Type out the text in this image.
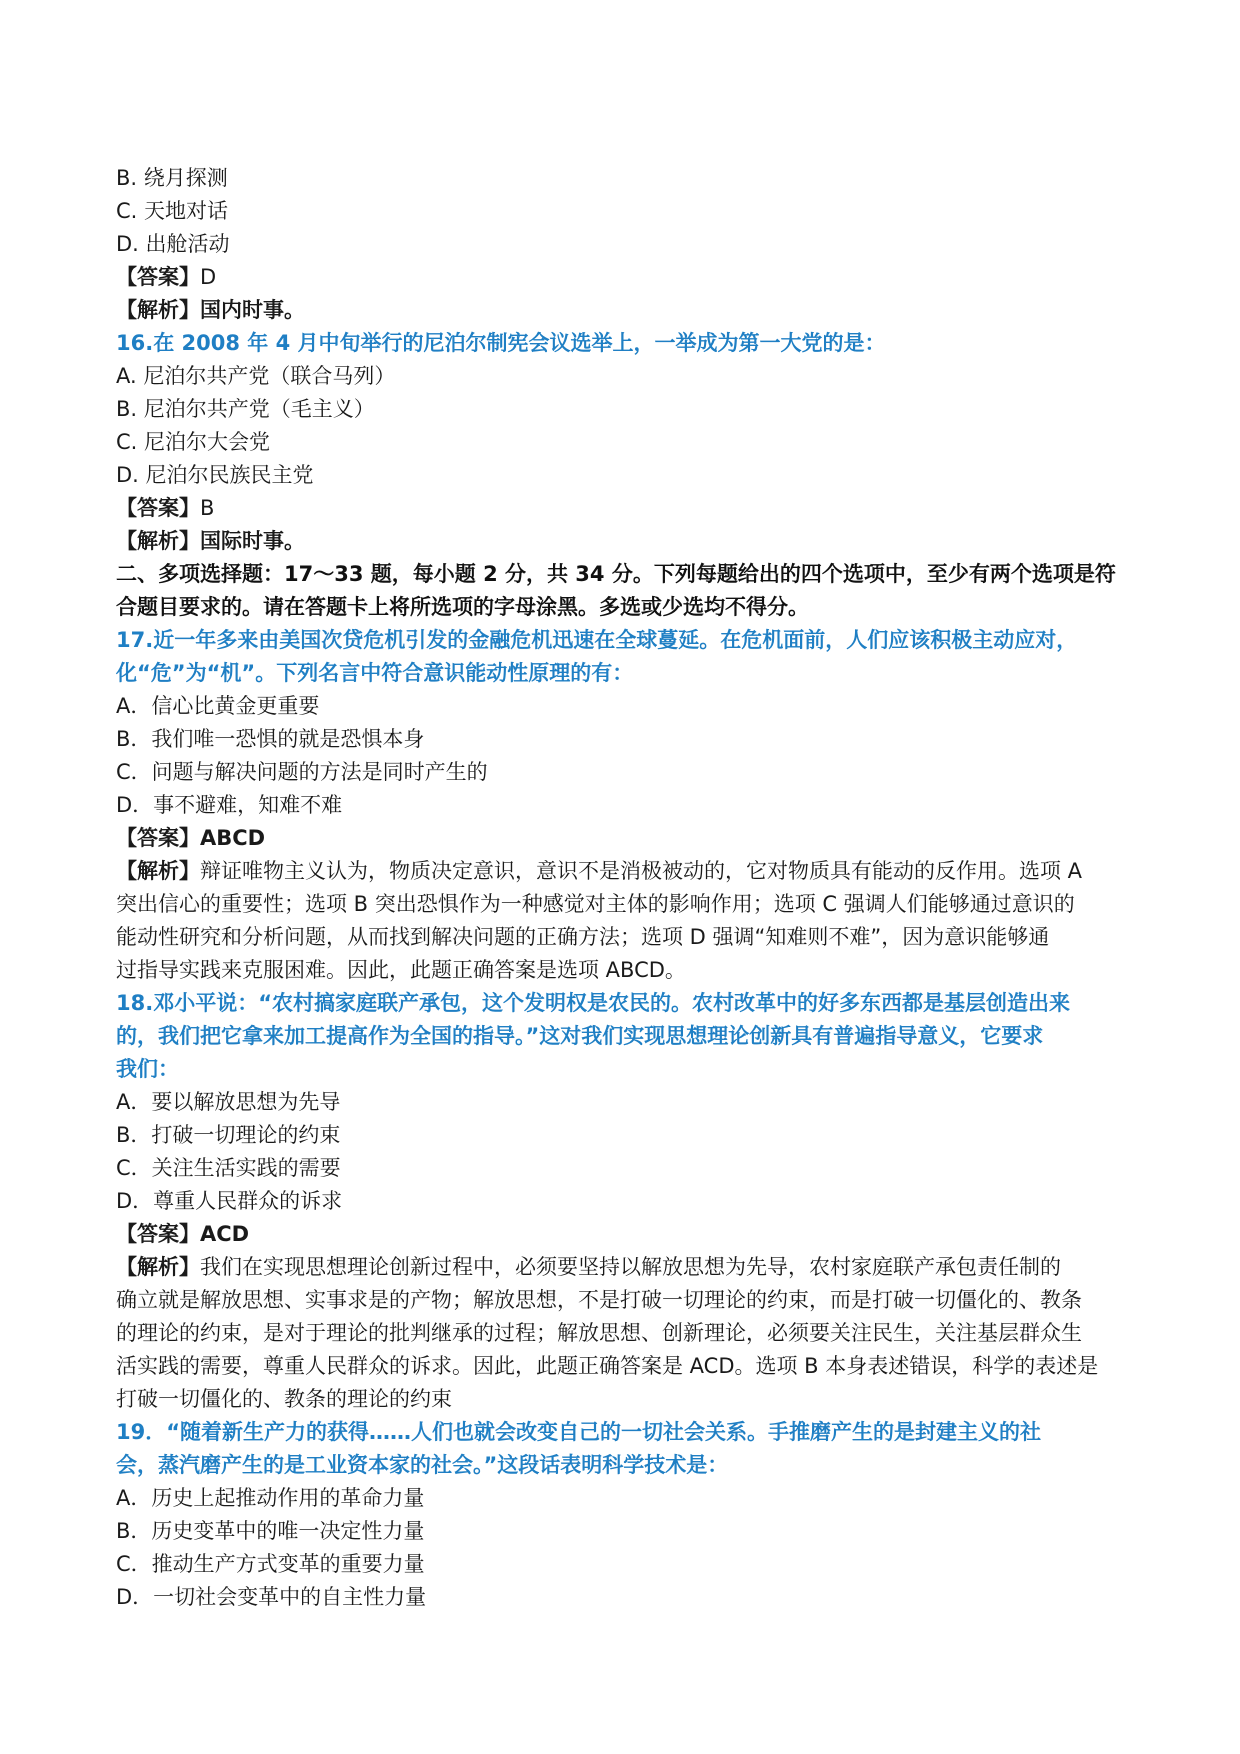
B. 绕月探测
C. 天地对话
D. 出舱活动
【答案】D
【解析】国内时事。
16.在 2008 年 4 月中旬举行的尼泊尔制宪会议选举上，一举成为第一大党的是：
A. 尼泊尔共产党（联合马列）
B. 尼泊尔共产党（毛主义）
C. 尼泊尔大会党
D. 尼泊尔民族民主党
【答案】B
【解析】国际时事。
二、多项选择题：17～33 题，每小题 2 分，共 34 分。下列每题给出的四个选项中，至少有两个选项是符
合题目要求的。请在答题卡上将所选项的字母涂黑。多选或少选均不得分。
17.近一年多来由美国次贷危机引发的金融危机迅速在全球蔓延。在危机面前，人们应该积极主动应对，
化“危”为“机”。下列名言中符合意识能动性原理的有：
A．信心比黄金更重要
B．我们唯一恐惧的就是恐惧本身
C．问题与解决问题的方法是同时产生的
D．事不避难，知难不难
【答案】ABCD
【解析】辩证唯物主义认为，物质决定意识，意识不是消极被动的，它对物质具有能动的反作用。选项 A
突出信心的重要性；选项 B 突出恐惧作为一种感觉对主体的影响作用；选项 C 强调人们能够通过意识的
能动性研究和分析问题，从而找到解决问题的正确方法；选项 D 强调“知难则不难”，因为意识能够通
过指导实践来克服困难。因此，此题正确答案是选项 ABCD。
18.邓小平说：“农村搞家庭联产承包，这个发明权是农民的。农村改革中的好多东西都是基层创造出来
的，我们把它拿来加工提高作为全国的指导。”这对我们实现思想理论创新具有普遍指导意义，它要求
我们：
A．要以解放思想为先导
B．打破一切理论的约束
C．关注生活实践的需要
D．尊重人民群众的诉求
【答案】ACD
【解析】我们在实现思想理论创新过程中，必须要坚持以解放思想为先导，农村家庭联产承包责任制的
确立就是解放思想、实事求是的产物；解放思想，不是打破一切理论的约束，而是打破一切僵化的、教条
的理论的约束，是对于理论的批判继承的过程；解放思想、创新理论，必须要关注民生，关注基层群众生
活实践的需要，尊重人民群众的诉求。因此，此题正确答案是 ACD。选项 B 本身表述错误，科学的表述是
打破一切僵化的、教条的理论的约束
19．“随着新生产力的获得……人们也就会改变自己的一切社会关系。手推磨产生的是封建主义的社
会，蒸汽磨产生的是工业资本家的社会。”这段话表明科学技术是：
A．历史上起推动作用的革命力量
B．历史变革中的唯一决定性力量
C．推动生产方式变革的重要力量
D．一切社会变革中的自主性力量
